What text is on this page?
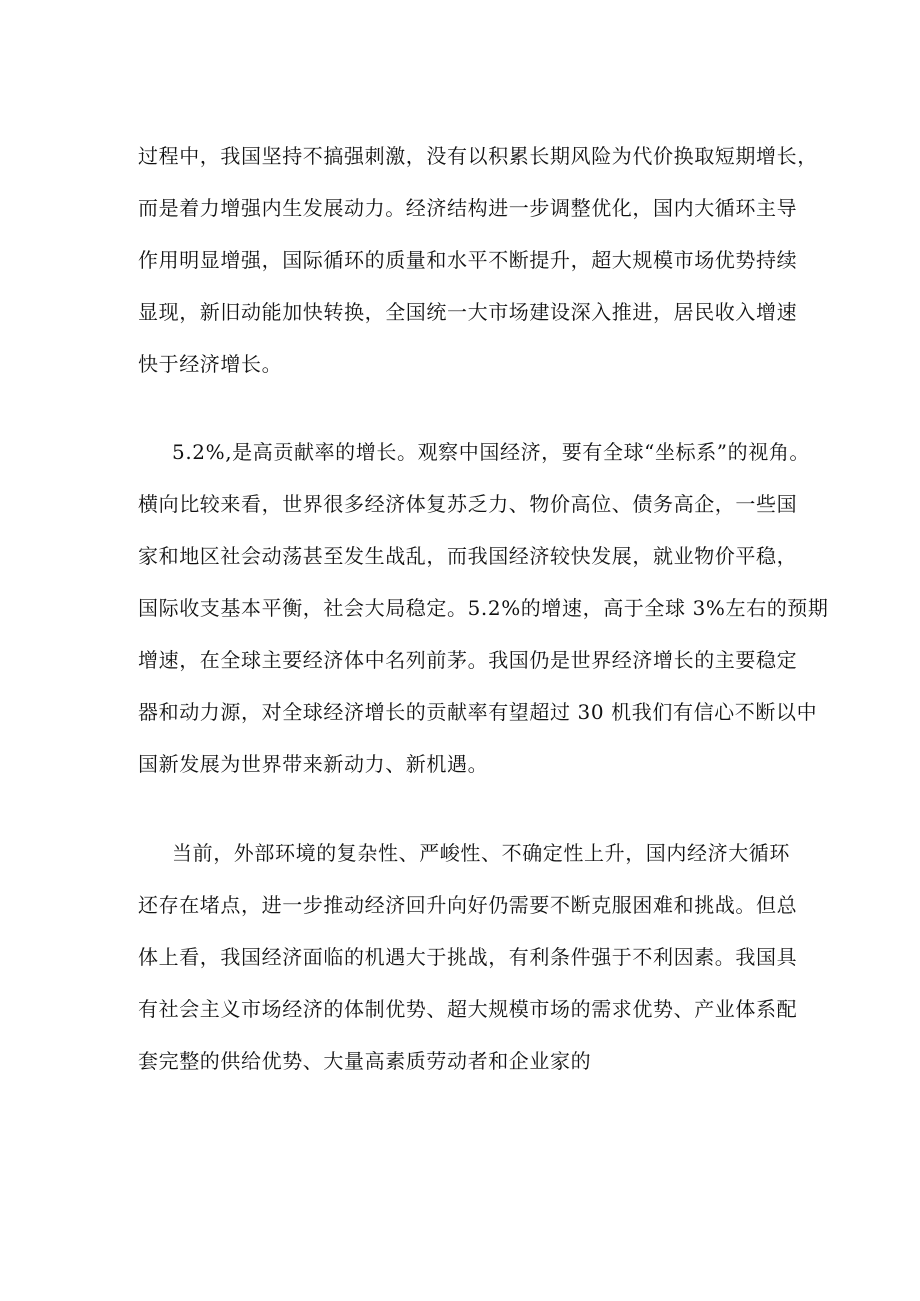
过程中，我国坚持不搞强刺激，没有以积累长期风险为代价换取短期增长，
而是着力增强内生发展动力。经济结构进一步调整优化，国内大循环主导
作用明显增强，国际循环的质量和水平不断提升，超大规模市场优势持续
显现，新旧动能加快转换，全国统一大市场建设深入推进，居民收入增速
快于经济增长。
5.2%,是高贡献率的增长。观察中国经济，要有全球“坐标系”的视角。
横向比较来看，世界很多经济体复苏乏力、物价高位、债务高企，一些国
家和地区社会动荡甚至发生战乱，而我国经济较快发展，就业物价平稳，
国际收支基本平衡，社会大局稳定。5.2%的增速，高于全球 3%左右的预期
增速，在全球主要经济体中名列前茅。我国仍是世界经济增长的主要稳定
器和动力源，对全球经济增长的贡献率有望超过 30 机我们有信心不断以中
国新发展为世界带来新动力、新机遇。
当前，外部环境的复杂性、严峻性、不确定性上升，国内经济大循环
还存在堵点，进一步推动经济回升向好仍需要不断克服困难和挑战。但总
体上看，我国经济面临的机遇大于挑战，有利条件强于不利因素。我国具
有社会主义市场经济的体制优势、超大规模市场的需求优势、产业体系配
套完整的供给优势、大量高素质劳动者和企业家的
